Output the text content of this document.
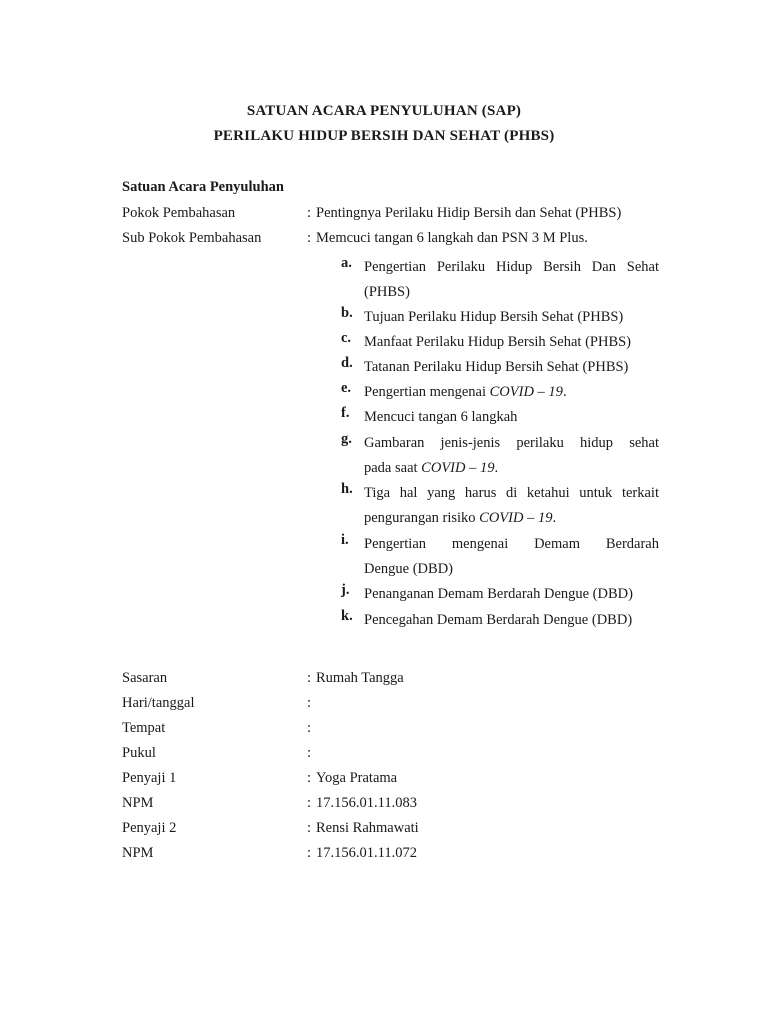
SATUAN ACARA PENYULUHAN (SAP)
PERILAKU HIDUP BERSIH DAN SEHAT (PHBS)
Satuan Acara Penyuluhan
Pokok Pembahasan	: Pentingnya Perilaku Hidip Bersih dan Sehat (PHBS)
Sub Pokok Pembahasan	: Memcuci tangan 6 langkah dan PSN 3 M Plus.
a. Pengertian Perilaku Hidup Bersih Dan Sehat
(PHBS)
b. Tujuan Perilaku Hidup Bersih Sehat (PHBS)
c. Manfaat Perilaku Hidup Bersih Sehat (PHBS)
d. Tatanan Perilaku Hidup Bersih Sehat (PHBS)
e. Pengertian mengenai COVID – 19.
f. Mencuci tangan 6 langkah
g. Gambaran jenis-jenis perilaku hidup sehat
pada saat COVID – 19.
h. Tiga hal yang harus di ketahui untuk terkait
pengurangan risiko COVID – 19.
i. Pengertian mengenai Demam Berdarah
Dengue (DBD)
j. Penanganan Demam Berdarah Dengue (DBD)
k. Pencegahan Demam Berdarah Dengue (DBD)
Sasaran	: Rumah Tangga
Hari/tanggal	:
Tempat	:
Pukul	:
Penyaji 1	: Yoga Pratama
NPM	: 17.156.01.11.083
Penyaji 2	: Rensi Rahmawati
NPM	: 17.156.01.11.072
